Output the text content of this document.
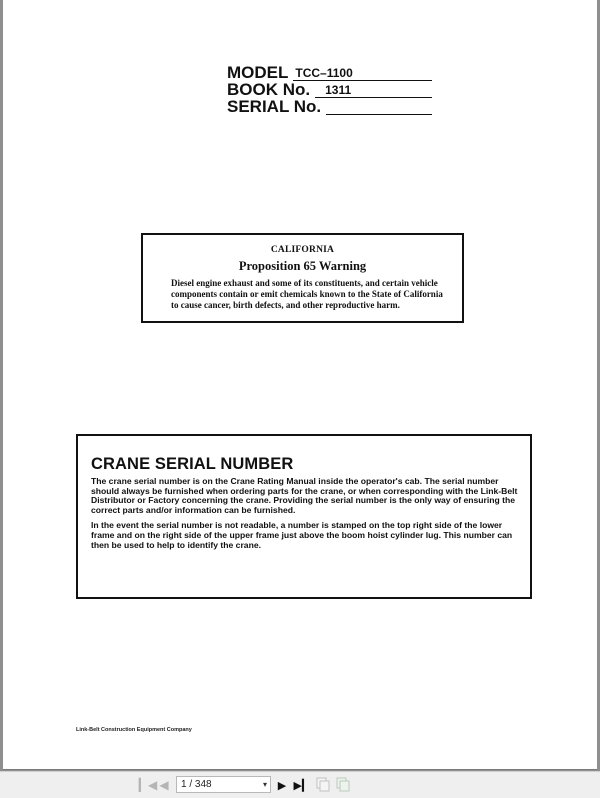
MODEL TCC–1100
BOOK No.	1311
SERIAL No.
CALIFORNIA
Proposition 65 Warning
Diesel engine exhaust and some of its constituents, and certain vehicle components contain or emit chemicals known to the State of California to cause cancer, birth defects, and other reproductive harm.
CRANE SERIAL NUMBER
The crane serial number is on the Crane Rating Manual inside the operator's cab. The serial number should always be furnished when ordering parts for the crane, or when corresponding with the Link-Belt Distributor or Factory concerning the crane. Providing the serial number is the only way of ensuring the correct parts and/or information can be furnished.
In the event the serial number is not readable, a number is stamped on the top right side of the lower frame and on the right side of the upper frame just above the boom hoist cylinder lug. This number can then be used to help to identify the crane.
Link-Belt Construction Equipment Company
▎◀ ◀	1 / 348	▾ ▶ ▶▎
